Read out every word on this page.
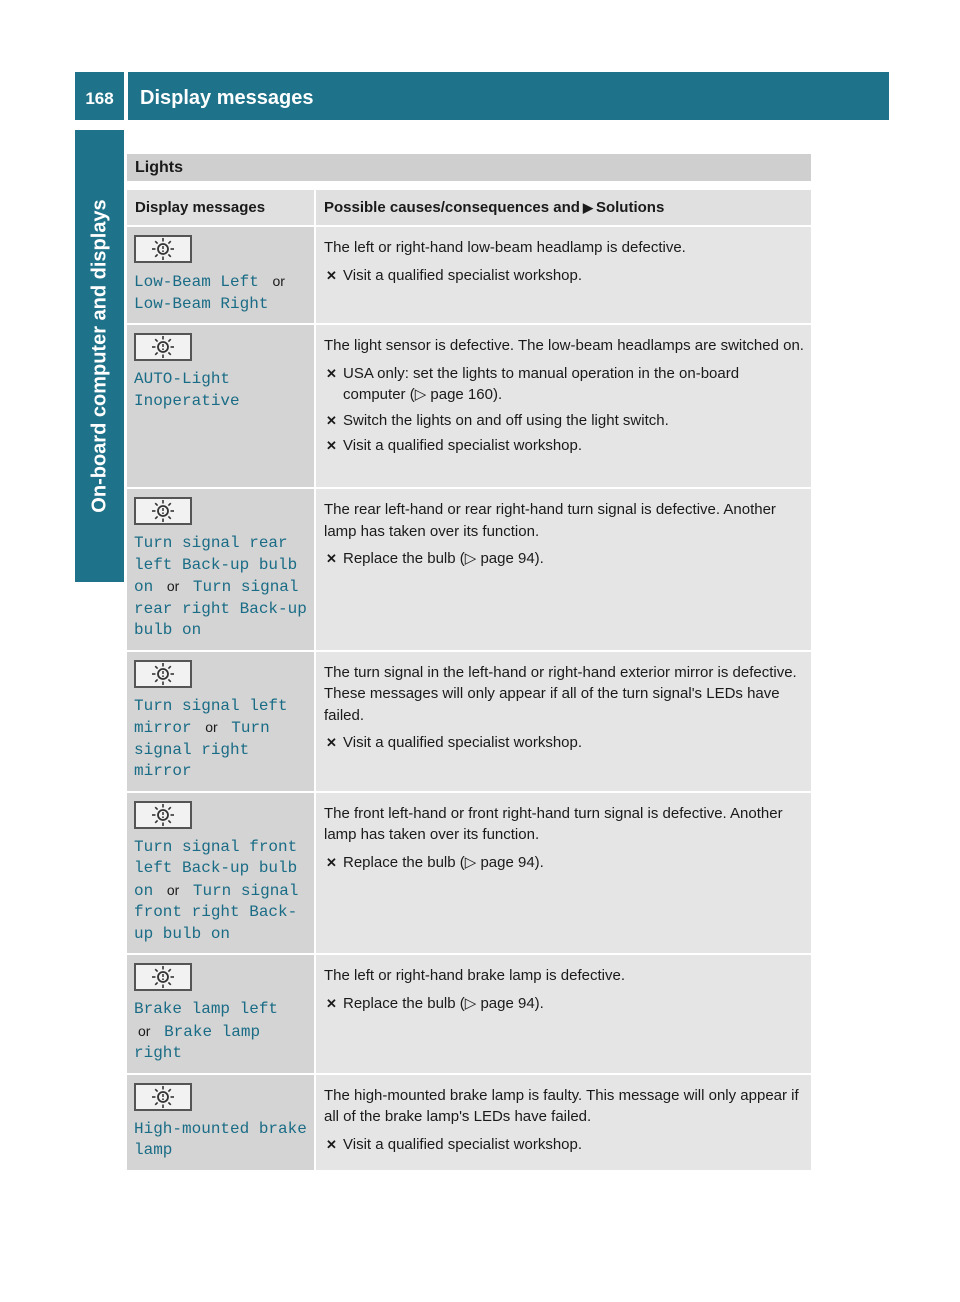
168	Display messages
On-board computer and displays
Lights
Display messages	Possible causes/consequences and ▶ Solutions
Low-Beam Left or Low-Beam Right

The left or right-hand low-beam headlamp is defective.

✕ Visit a qualified specialist workshop.
AUTO-Light Inoperative

The light sensor is defective. The low-beam headlamps are switched on.

✕ USA only: set the lights to manual operation in the on-board computer (▷ page 160).
✕ Switch the lights on and off using the light switch.
✕ Visit a qualified specialist workshop.
Turn signal rear left Back-up bulb on or Turn signal rear right Back-up bulb on

The rear left-hand or rear right-hand turn signal is defective. Another lamp has taken over its function.

✕ Replace the bulb (▷ page 94).
Turn signal left mirror or Turn signal right mirror

The turn signal in the left-hand or right-hand exterior mirror is defective. These messages will only appear if all of the turn signal's LEDs have failed.

✕ Visit a qualified specialist workshop.
Turn signal front left Back-up bulb on or Turn signal front right Back-up bulb on

The front left-hand or front right-hand turn signal is defective. Another lamp has taken over its function.

✕ Replace the bulb (▷ page 94).
Brake lamp left or Brake lamp right

The left or right-hand brake lamp is defective.

✕ Replace the bulb (▷ page 94).
High-mounted brake lamp

The high-mounted brake lamp is faulty. This message will only appear if all of the brake lamp's LEDs have failed.

✕ Visit a qualified specialist workshop.
